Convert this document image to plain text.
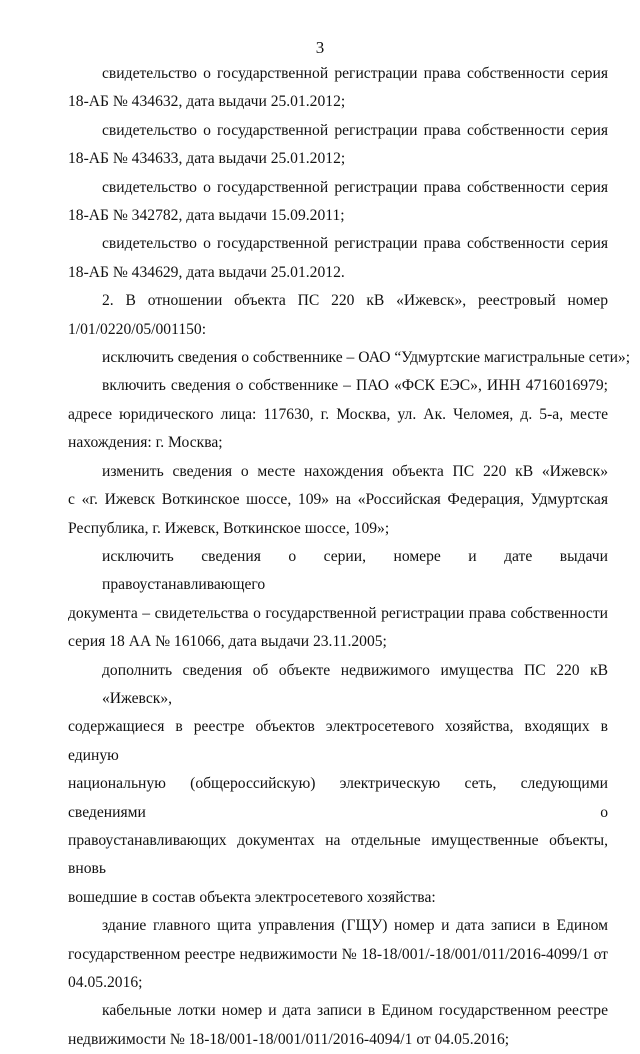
3
свидетельство о государственной регистрации права собственности серия
18-АБ № 434632, дата выдачи 25.01.2012;
свидетельство о государственной регистрации права собственности серия
18-АБ № 434633, дата выдачи 25.01.2012;
свидетельство о государственной регистрации права собственности серия
18-АБ № 342782, дата выдачи 15.09.2011;
свидетельство о государственной регистрации права собственности серия
18-АБ № 434629, дата выдачи 25.01.2012.
2. В отношении объекта ПС 220 кВ «Ижевск», реестровый номер
1/01/0220/05/001150:
исключить сведения о собственнике – ОАО “Удмуртские магистральные сети»;
включить сведения о собственнике – ПАО «ФСК ЕЭС», ИНН 4716016979;
адресе юридического лица: 117630, г. Москва, ул. Ак. Челомея, д. 5-а, месте
нахождения: г. Москва;
изменить сведения о месте нахождения объекта ПС 220 кВ «Ижевск»
с «г. Ижевск Воткинское шоссе, 109» на «Российская Федерация, Удмуртская
Республика, г. Ижевск, Воткинское шоссе, 109»;
исключить сведения о серии, номере и дате выдачи правоустанавливающего
документа – свидетельства о государственной регистрации права собственности
серия 18 АА № 161066, дата выдачи 23.11.2005;
дополнить сведения об объекте недвижимого имущества ПС 220 кВ «Ижевск»,
содержащиеся в реестре объектов электросетевого хозяйства, входящих в единую
национальную (общероссийскую) электрическую сеть, следующими сведениями о
правоустанавливающих документах на отдельные имущественные объекты, вновь
вошедшие в состав объекта электросетевого хозяйства:
здание главного щита управления (ГЩУ) номер и дата записи в Едином
государственном реестре недвижимости № 18-18/001/-18/001/011/2016-4099/1 от
04.05.2016;
кабельные лотки номер и дата записи в Едином государственном реестре
недвижимости № 18-18/001-18/001/011/2016-4094/1 от 04.05.2016;
